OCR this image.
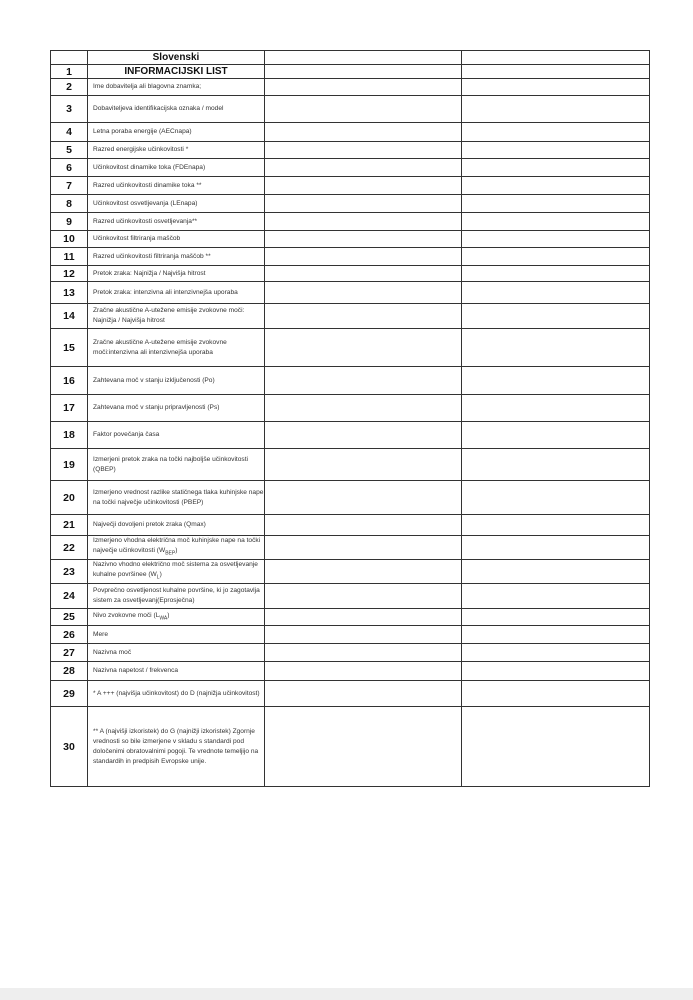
	Slovenski		
1	INFORMACIJSKI LIST		
2	Ime dobavitelja ali blagovna znamka;		
3	Dobaviteljeva identifikacijska oznaka / model		
4	Letna poraba energije (AECnapa)		
5	Razred energijske učinkovitosti *		
6	Učinkovitost dinamike toka (FDEnapa)		
7	Razred učinkovitosti dinamike toka **		
8	Učinkovitost osvetljevanja (LEnapa)		
9	Razred učinkovitosti osvetljevanja**		
10	Učinkovitost filtriranja maščob		
11	Razred učinkovitosti filtriranja maščob **		
12	Pretok zraka: Najnižja / Najvišja hitrost		
13	Pretok zraka: intenzivna ali intenzivnejša uporaba		
14	Zračne akustične A-utežene emisije zvokovne moči: Najnižja / Najvišja hitrost		
15	Zračne akustične A-utežene emisije zvokovne moči:intenzivna ali intenzivnejša uporaba		
16	Zahtevana moč v stanju izključenosti (Po)		
17	Zahtevana moč v stanju pripravljenosti (Ps)		
18	Faktor povečanja časa		
19	Izmerjeni pretok zraka na točki najboljše učinkovitosti (QBEP)		
20	Izmerjeno vrednost razlike statičnega tlaka kuhinjske nape na točki največje učinkovitosti (PBEP)		
21	Največji dovoljeni pretok zraka (Qmax)		
22	Izmerjeno vhodna električna moč kuhinjske nape na točki največje učinkovitosti $(W_{BEP})$		
23	Nazivno vhodno električno moč sistema za osvetljevanje kuhalne površinee $(W_L)$		
24	Povprečno osvetljenost kuhalne površine, ki jo zagotavlja sistem za osvetljevanj(Eprosječna)		
25	Nivo zvokovne moči $(L_{WA})$		
26	Mere		
27	Nazivna moč		
28	Nazivna napetost / frekvenca		
29	* A +++ (najvišja učinkovitost) do D (najnižja učinkovitost)		
30	** A (najvišji izkoristek) do G (najnižji izkoristek) Zgornje vrednosti so bile izmerjene v skladu s standardi pod določenimi obratovalnimi pogoji. Te vrednote temeljijo na standardih in predpisih Evropske unije.		
